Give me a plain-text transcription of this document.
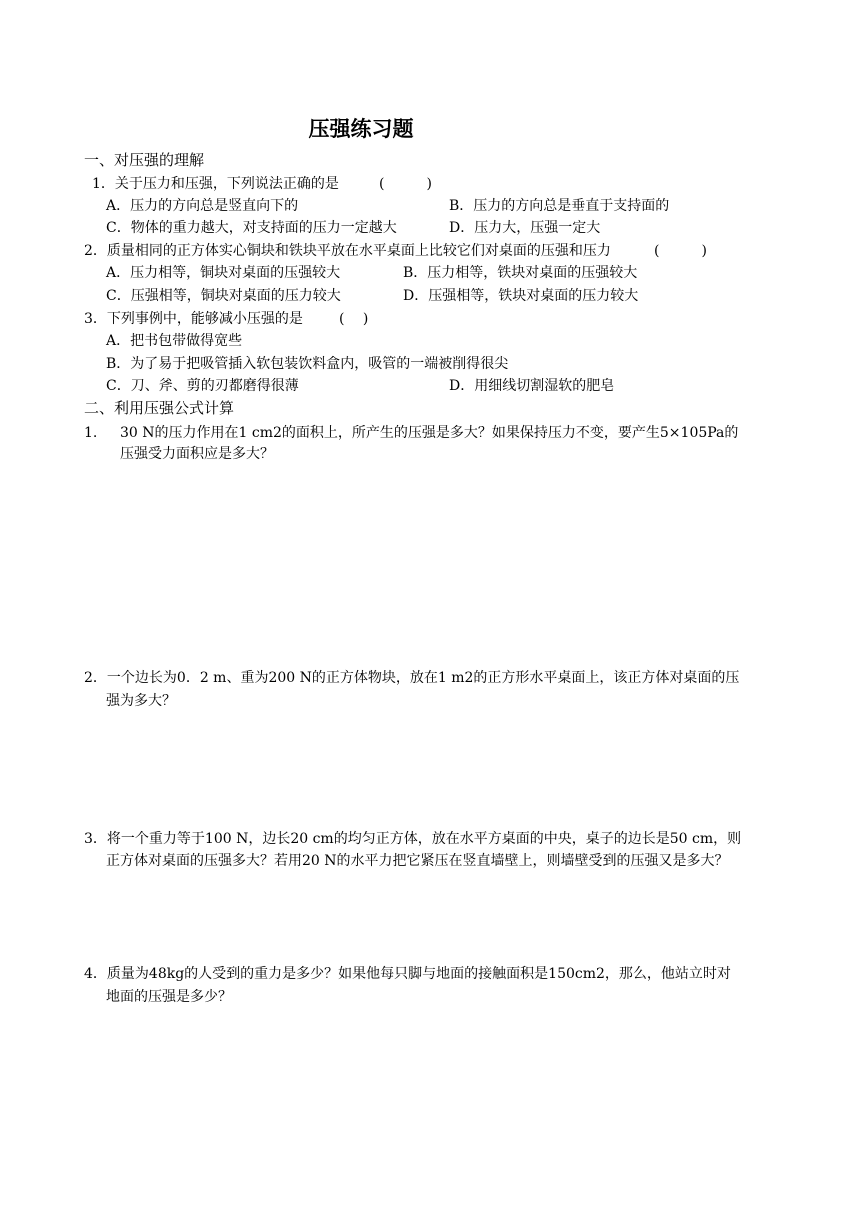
压强练习题
一、对压强的理解
1．关于压力和压强，下列说法正确的是	(　　　)
A．压力的方向总是竖直向下的	B．压力的方向总是垂直于支持面的
C．物体的重力越大，对支持面的压力一定越大	D．压力大，压强一定大
2．质量相同的正方体实心铜块和铁块平放在水平桌面上比较它们对桌面的压强和压力	(　　　)
A．压力相等，铜块对桌面的压强较大	B．压力相等，铁块对桌面的压强较大
C．压强相等，铜块对桌面的压力较大	D．压强相等，铁块对桌面的压力较大
3．下列事例中，能够减小压强的是	(　 )
A．把书包带做得宽些
B．为了易于把吸管插入软包装饮料盒内，吸管的一端被削得很尖
C．刀、斧、剪的刃都磨得很薄	D．用细线切割湿软的肥皂
二、利用压强公式计算
1. 30 N的压力作用在1 cm2的面积上，所产生的压强是多大？如果保持压力不变，要产生5×105Pa的
压强受力面积应是多大？
2．一个边长为0．2 m、重为200 N的正方体物块，放在1 m2的正方形水平桌面上，该正方体对桌面的压
强为多大？
3．将一个重力等于100 N，边长20 cm的均匀正方体，放在水平方桌面的中央，桌子的边长是50 cm，则
正方体对桌面的压强多大？若用20 N的水平力把它紧压在竖直墙壁上，则墙壁受到的压强又是多大？
4．质量为48kg的人受到的重力是多少？如果他每只脚与地面的接触面积是150cm2，那么，他站立时对
地面的压强是多少？
